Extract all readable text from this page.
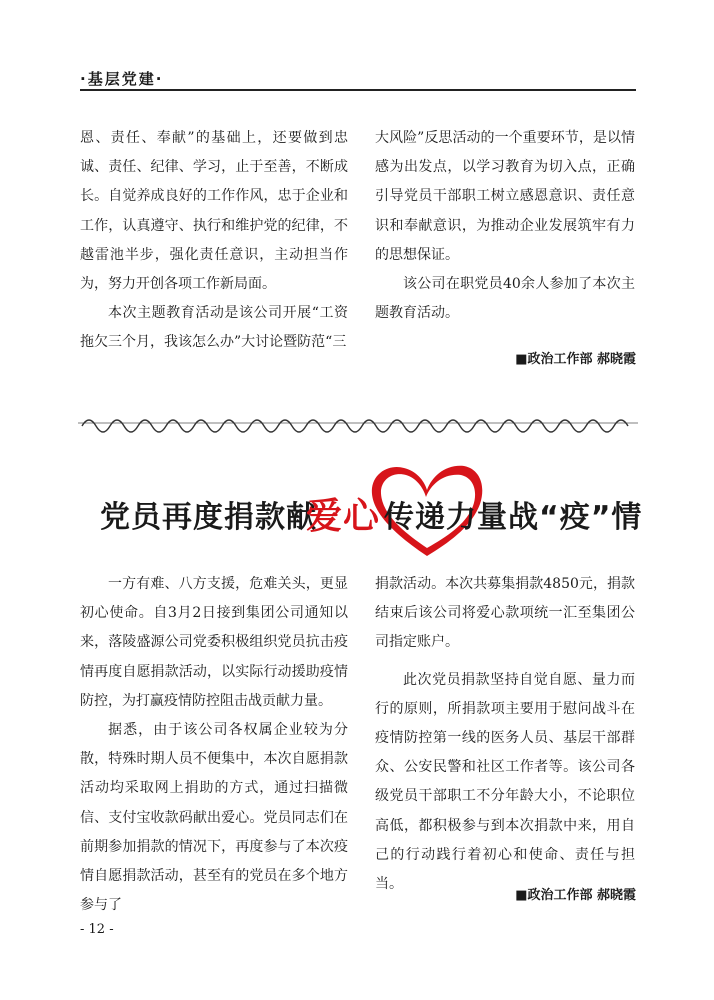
·基层党建·

恩、责任、奉献”的基础上，还要做到忠诚、责任、纪律、学习，止于至善，不断成长。自觉养成良好的工作作风，忠于企业和工作，认真遵守、执行和维护党的纪律，不越雷池半步，强化责任意识，主动担当作为，努力开创各项工作新局面。

本次主题教育活动是该公司开展“工资拖欠三个月，我该怎么办”大讨论暨防范“三

大风险”反思活动的一个重要环节，是以情感为出发点，以学习教育为切入点，正确引导党员干部职工树立感恩意识、责任意识和奉献意识，为推动企业发展筑牢有力的思想保证。

该公司在职党员40余人参加了本次主题教育活动。

■政治工作部 郝晓霞
党员再度捐款献
爱心 传递力量战“疫”情

一方有难、八方支援，危难关头，更显初心使命。自3月2日接到集团公司通知以来，落陵盛源公司党委积极组织党员抗击疫情再度自愿捐款活动，以实际行动援助疫情防控，为打赢疫情防控阻击战贡献力量。

据悉，由于该公司各权属企业较为分散，特殊时期人员不便集中，本次自愿捐款活动均采取网上捐助的方式，通过扫描微信、支付宝收款码献出爱心。党员同志们在前期参加捐款的情况下，再度参与了本次疫情自愿捐款活动，甚至有的党员在多个地方参与了

捐款活动。本次共募集捐款4850元，捐款结束后该公司将爱心款项统一汇至集团公司指定账户。

此次党员捐款坚持自觉自愿、量力而行的原则，所捐款项主要用于慰问战斗在疫情防控第一线的医务人员、基层干部群众、公安民警和社区工作者等。该公司各级党员干部职工不分年龄大小，不论职位高低，都积极参与到本次捐款中来，用自己的行动践行着初心和使命、责任与担当。

■政治工作部 郝晓霞
- 12 -
